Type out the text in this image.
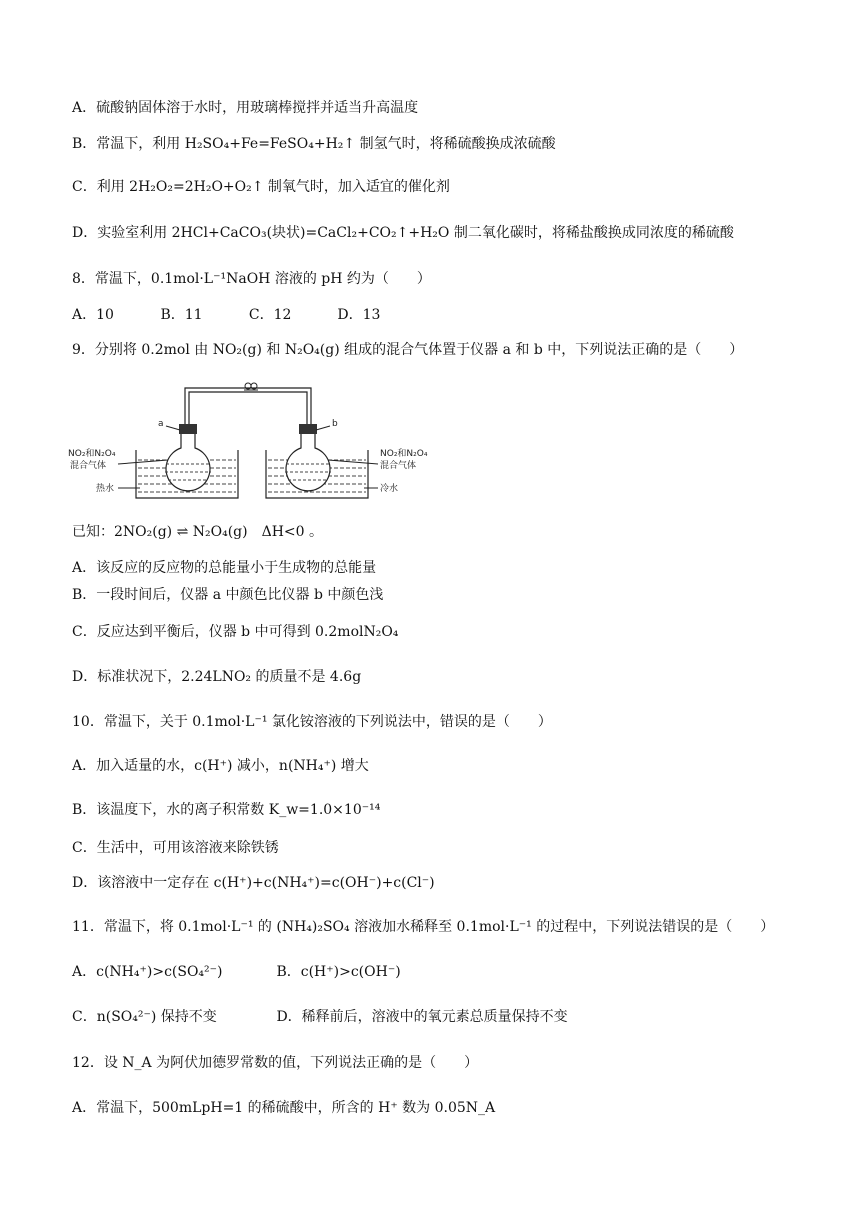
A．硫酸钠固体溶于水时，用玻璃棒搅拌并适当升高温度
B．常温下，利用 H₂SO₄+Fe=FeSO₄+H₂↑ 制氢气时，将稀硫酸换成浓硫酸
C．利用 2H₂O₂=2H₂O+O₂↑ 制氧气时，加入适宜的催化剂
D．实验室利用 2HCl+CaCO₃(块状)=CaCl₂+CO₂↑+H₂O 制二氧化碳时，将稀盐酸换成同浓度的稀硫酸
8．常温下，0.1mol·L⁻¹NaOH 溶液的 pH 约为（　　）
A．10	B．11	C．12	D．13
9．分别将 0.2mol 由 NO₂(g) 和 N₂O₄(g) 组成的混合气体置于仪器 a 和 b 中，下列说法正确的是（　　）
a	b
NO₂和N₂O₄
混合气体
热水
NO₂和N₂O₄
混合气体
冷水
已知：2NO₂(g) ⇌ N₂O₄(g)　ΔH<0 。
A．该反应的反应物的总能量小于生成物的总能量
B．一段时间后，仪器 a 中颜色比仪器 b 中颜色浅
C．反应达到平衡后，仪器 b 中可得到 0.2molN₂O₄
D．标准状况下，2.24LNO₂ 的质量不是 4.6g
10．常温下，关于 0.1mol·L⁻¹ 氯化铵溶液的下列说法中，错误的是（　　）
A．加入适量的水，c(H⁺) 减小，n(NH₄⁺) 增大
B．该温度下，水的离子积常数 K_w=1.0×10⁻¹⁴
C．生活中，可用该溶液来除铁锈
D．该溶液中一定存在 c(H⁺)+c(NH₄⁺)=c(OH⁻)+c(Cl⁻)
11．常温下，将 0.1mol·L⁻¹ 的 (NH₄)₂SO₄ 溶液加水稀释至 0.1mol·L⁻¹ 的过程中，下列说法错误的是（　　）
A．c(NH₄⁺)>c(SO₄²⁻)	B．c(H⁺)>c(OH⁻)
C．n(SO₄²⁻) 保持不变	D．稀释前后，溶液中的氧元素总质量保持不变
12．设 N_A 为阿伏加德罗常数的值，下列说法正确的是（　　）
A．常温下，500mLpH=1 的稀硫酸中，所含的 H⁺ 数为 0.05N_A
